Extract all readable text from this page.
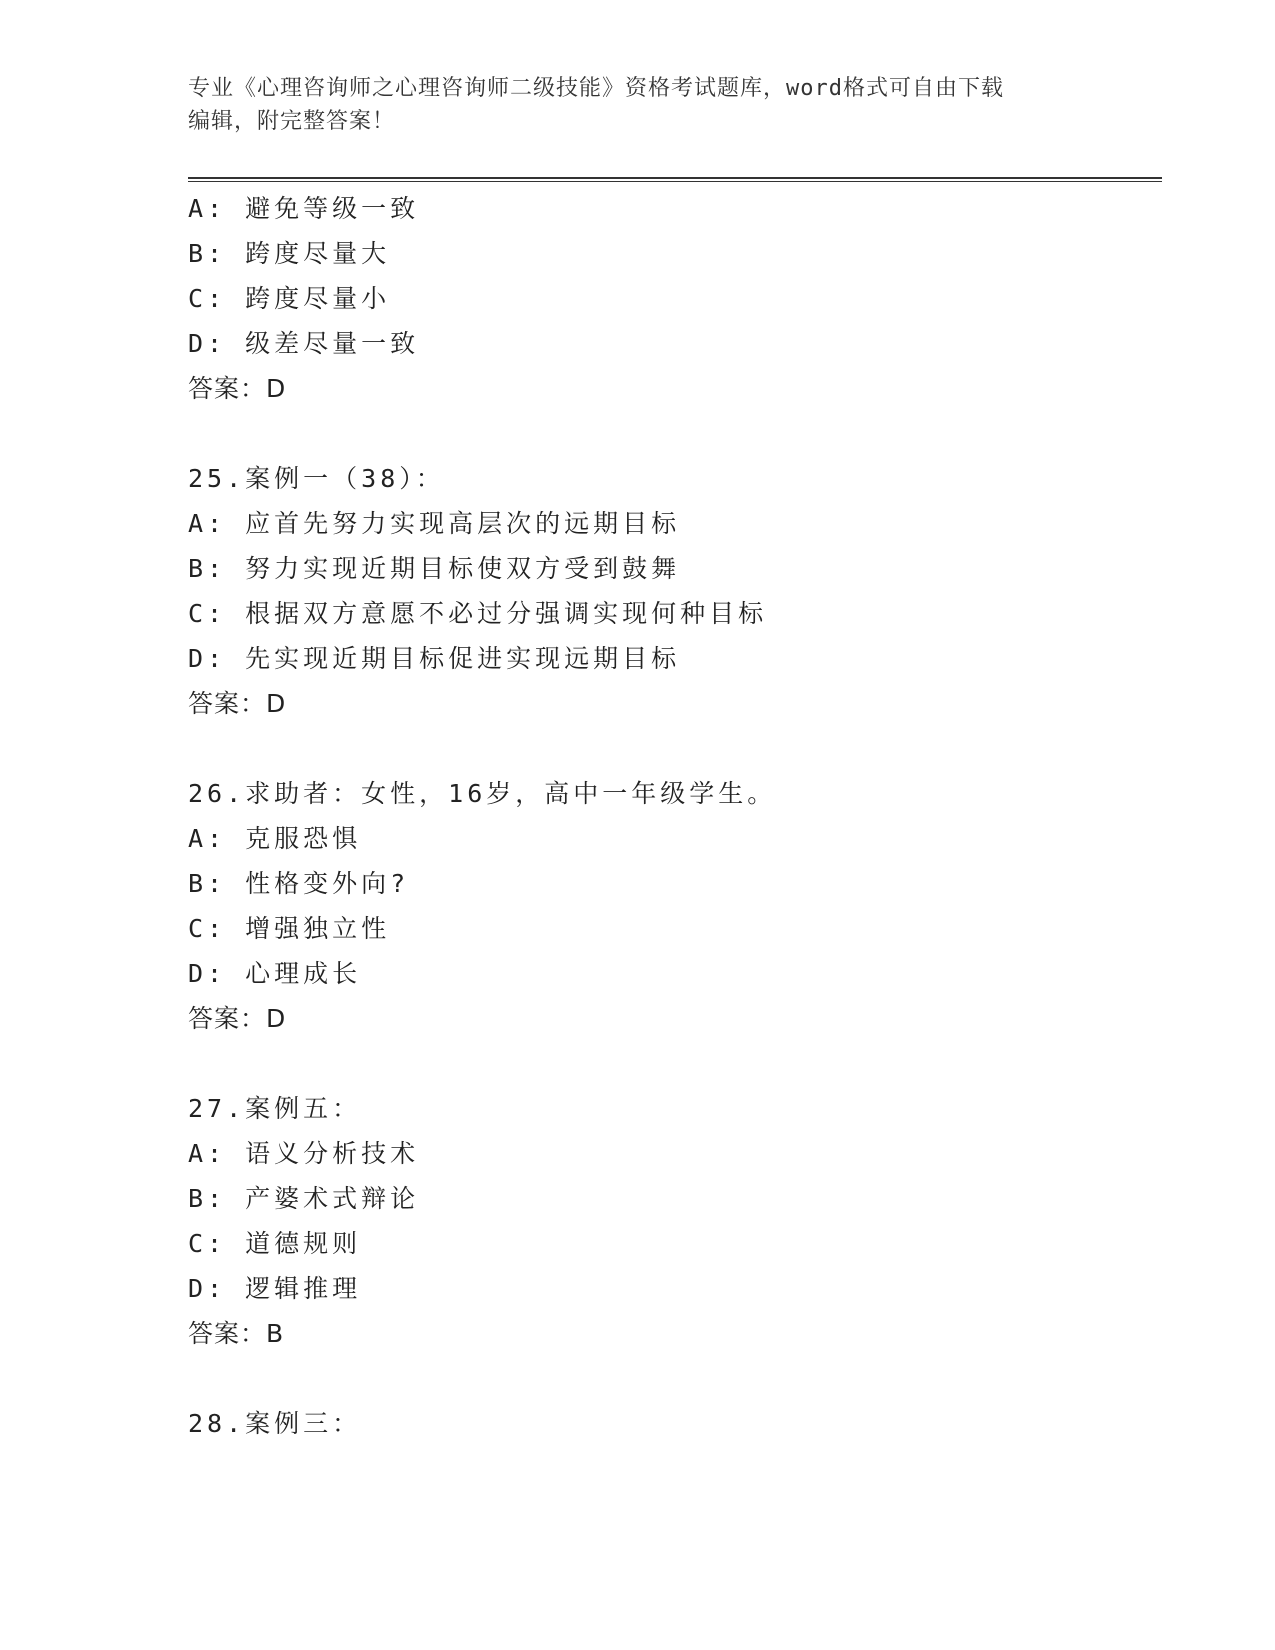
专业《心理咨询师之心理咨询师二级技能》资格考试题库，word格式可自由下载
编辑，附完整答案！
A: 避免等级一致
B: 跨度尽量大
C: 跨度尽量小
D: 级差尽量一致
答案：D
25.案例一（38）：
A: 应首先努力实现高层次的远期目标
B: 努力实现近期目标使双方受到鼓舞
C: 根据双方意愿不必过分强调实现何种目标
D: 先实现近期目标促进实现远期目标
答案：D
26.求助者：女性，16岁，高中一年级学生。
A: 克服恐惧
B: 性格变外向?
C: 增强独立性
D: 心理成长
答案：D
27.案例五：
A: 语义分析技术
B: 产婆术式辩论
C: 道德规则
D: 逻辑推理
答案：B
28.案例三：
